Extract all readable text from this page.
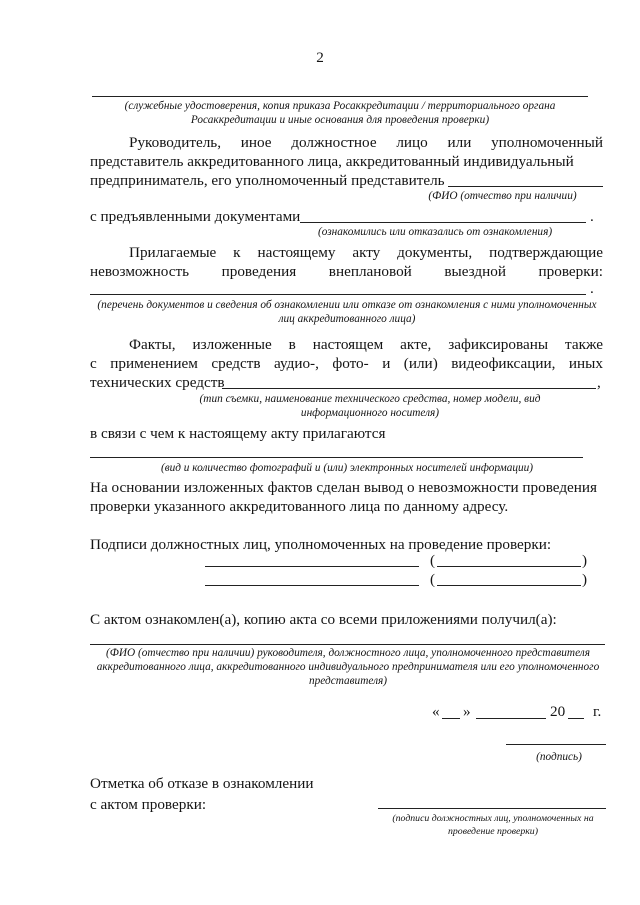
2
(служебные удостоверения, копия приказа Росаккредитации / территориального органа Росаккредитации и иные основания для проведения проверки)
Руководитель, иное должностное лицо или уполномоченный
представитель аккредитованного лица, аккредитованный индивидуальный
предприниматель, его уполномоченный представитель
(ФИО (отчество при наличии)
с предъявленными документами	.
(ознакомились или отказались от ознакомления)
Прилагаемые к настоящему акту документы, подтверждающие
невозможность проведения внеплановой выездной проверки:
.
(перечень документов и сведения об ознакомлении или отказе от ознакомления с ними уполномоченных лиц аккредитованного лица)
Факты, изложенные в настоящем акте, зафиксированы также
с применением средств аудио-, фото- и (или) видеофиксации, иных
технических средств	,
(тип съемки, наименование технического средства, номер модели, вид информационного носителя)
в связи с чем к настоящему акту прилагаются
(вид и количество фотографий и (или) электронных носителей информации)
На основании изложенных фактов сделан вывод о невозможности проведения
проверки указанного аккредитованного лица по данному адресу.
Подписи должностных лиц, уполномоченных на проведение проверки:
(	)
(	)
С актом ознакомлен(а), копию акта со всеми приложениями получил(а):
(ФИО (отчество при наличии) руководителя, должностного лица, уполномоченного представителя аккредитованного лица, аккредитованного индивидуального предпринимателя или его уполномоченного представителя)
« »	20 г.
(подпись)
Отметка об отказе в ознакомлении
с актом проверки:
(подписи должностных лиц, уполномоченных на проведение проверки)
